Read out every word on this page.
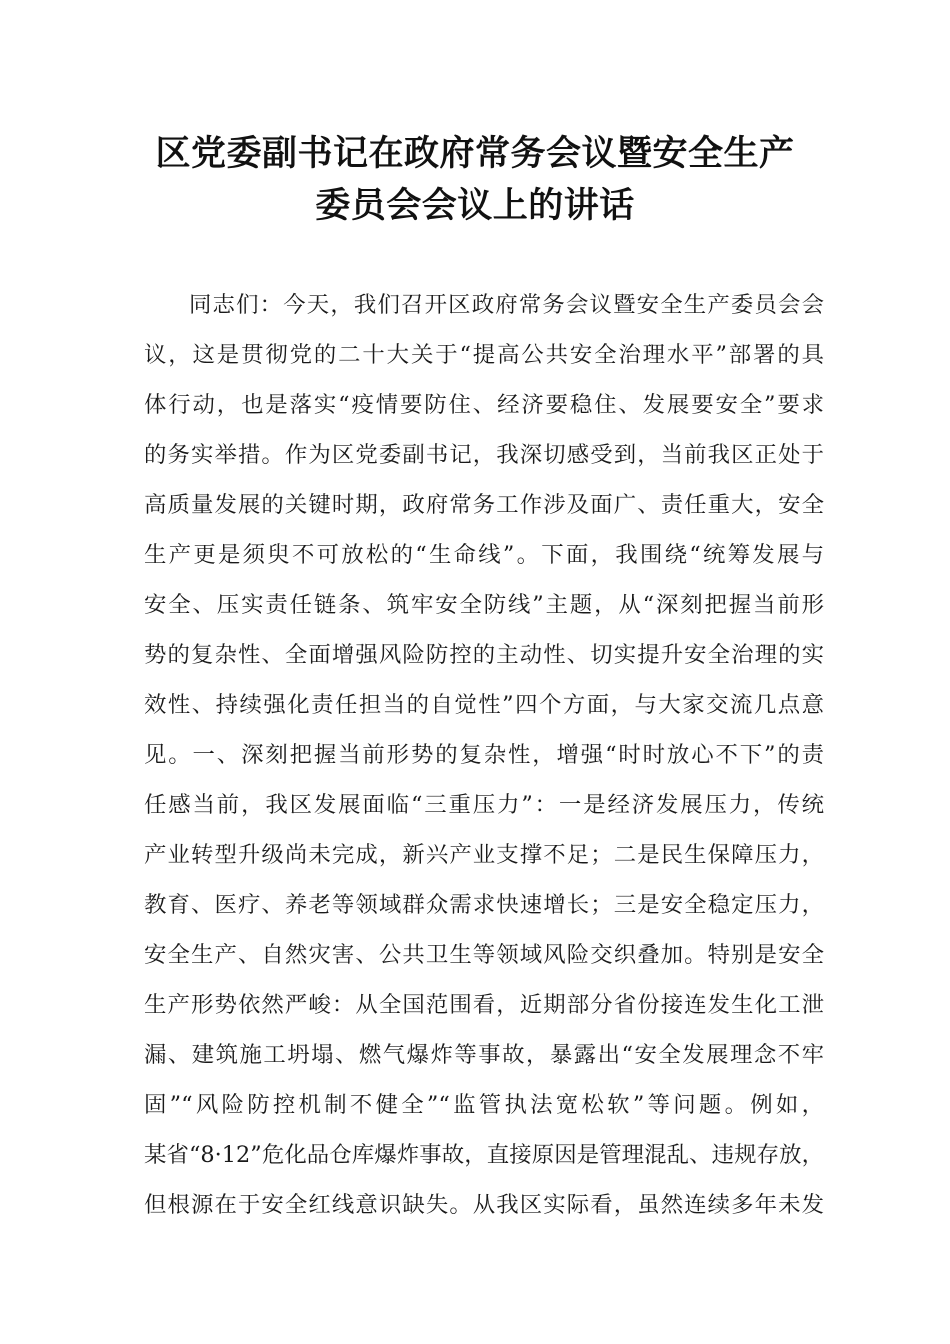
区党委副书记在政府常务会议暨安全生产
委员会会议上的讲话
同志们：今天，我们召开区政府常务会议暨安全生产委员会会
议，这是贯彻党的二十大关于“提高公共安全治理水平”部署的具
体行动，也是落实“疫情要防住、经济要稳住、发展要安全”要求
的务实举措。作为区党委副书记，我深切感受到，当前我区正处于
高质量发展的关键时期，政府常务工作涉及面广、责任重大，安全
生产更是须臾不可放松的“生命线”。下面，我围绕“统筹发展与
安全、压实责任链条、筑牢安全防线”主题，从“深刻把握当前形
势的复杂性、全面增强风险防控的主动性、切实提升安全治理的实
效性、持续强化责任担当的自觉性”四个方面，与大家交流几点意
见。一、深刻把握当前形势的复杂性，增强“时时放心不下”的责
任感当前，我区发展面临“三重压力”：一是经济发展压力，传统
产业转型升级尚未完成，新兴产业支撑不足；二是民生保障压力，
教育、医疗、养老等领域群众需求快速增长；三是安全稳定压力，
安全生产、自然灾害、公共卫生等领域风险交织叠加。特别是安全
生产形势依然严峻：从全国范围看，近期部分省份接连发生化工泄
漏、建筑施工坍塌、燃气爆炸等事故，暴露出“安全发展理念不牢
固”“风险防控机制不健全”“监管执法宽松软”等问题。例如，
某省“8·12”危化品仓库爆炸事故，直接原因是管理混乱、违规存放，
但根源在于安全红线意识缺失。从我区实际看，虽然连续多年未发
